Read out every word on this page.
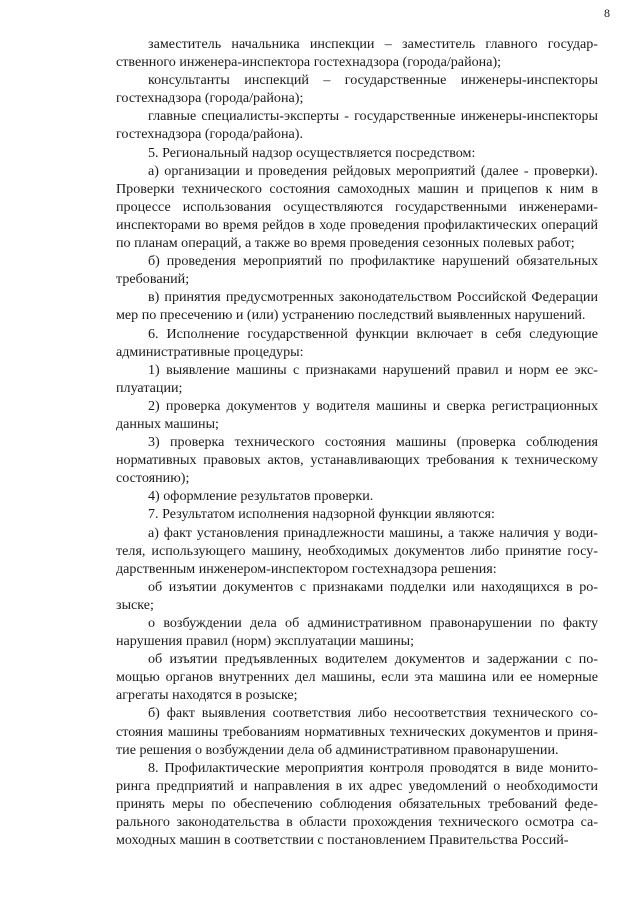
8

заместитель начальника инспекции – заместитель главного государственного инженера-инспектора гостехнадзора (города/района);

консультанты инспекций – государственные инженеры-инспекторы гостехнадзора (города/района);

главные специалисты-эксперты - государственные инженеры-инспекторы гостехнадзора (города/района).

5. Региональный надзор осуществляется посредством:

а) организации и проведения рейдовых мероприятий (далее - проверки). Проверки технического состояния самоходных машин и прицепов к ним в процессе использования осуществляются государственными инженерами-инспекторами во время рейдов в ходе проведения профилактических операций по планам операций, а также во время проведения сезонных полевых работ;

б) проведения мероприятий по профилактике нарушений обязательных требований;

в) принятия предусмотренных законодательством Российской Федерации мер по пресечению и (или) устранению последствий выявленных нарушений.

6. Исполнение государственной функции включает в себя следующие административные процедуры:

1) выявление машины с признаками нарушений правил и норм ее эксплуатации;

2) проверка документов у водителя машины и сверка регистрационных данных машины;

3) проверка технического состояния машины (проверка соблюдения нормативных правовых актов, устанавливающих требования к техническому состоянию);

4) оформление результатов проверки.

7. Результатом исполнения надзорной функции являются:

а) факт установления принадлежности машины, а также наличия у водителя, использующего машину, необходимых документов либо принятие государственным инженером-инспектором гостехнадзора решения:

об изъятии документов с признаками подделки или находящихся в розыске;

о возбуждении дела об административном правонарушении по факту нарушения правил (норм) эксплуатации машины;

об изъятии предъявленных водителем документов и задержании с помощью органов внутренних дел машины, если эта машина или ее номерные агрегаты находятся в розыске;

б) факт выявления соответствия либо несоответствия технического состояния машины требованиям нормативных технических документов и принятие решения о возбуждении дела об административном правонарушении.

8. Профилактические мероприятия контроля проводятся в виде мониторинга предприятий и направления в их адрес уведомлений о необходимости принять меры по обеспечению соблюдения обязательных требований федерального законодательства в области прохождения технического осмотра самоходных машин в соответствии с постановлением Правительства Россий-
